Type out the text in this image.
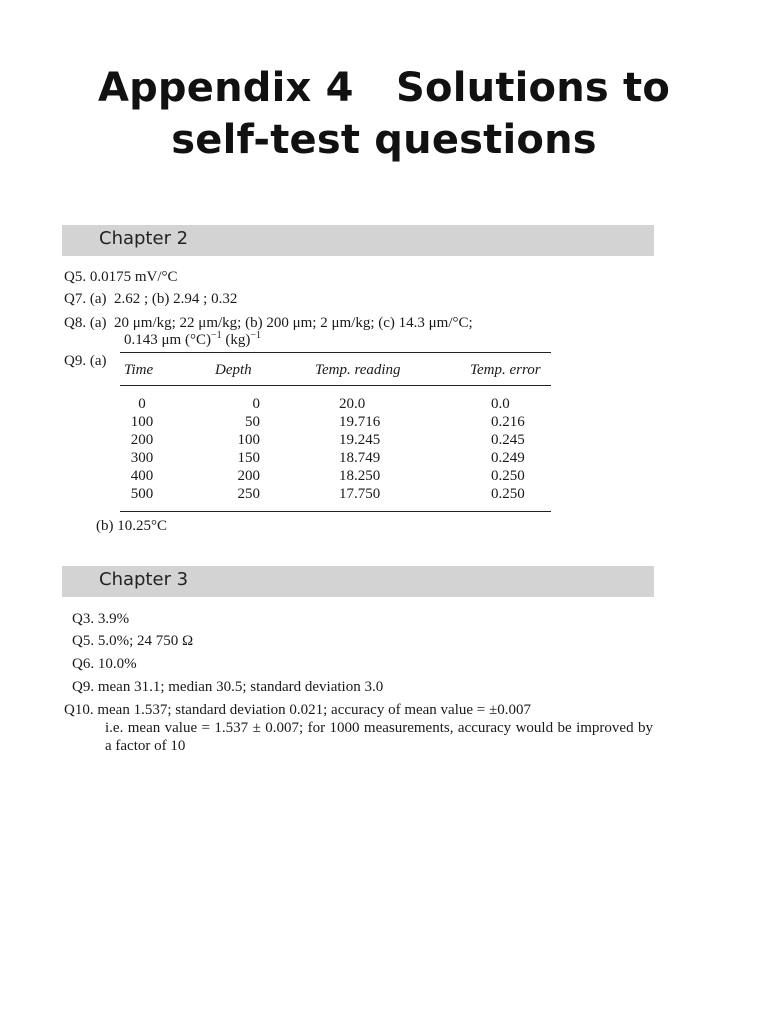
Appendix 4   Solutions to
self-test questions
Chapter 2
Q5. 0.0175 mV/°C
Q7. (a)  2.62 ; (b) 2.94 ; 0.32
Q8. (a)  20 μm/kg; 22 μm/kg; (b) 200 μm; 2 μm/kg; (c) 14.3 μm/°C;
0.143 μm $(^\circ C)^{-1}$ (kg)$^{-1}$
Q9. (a)
Time	Depth	Temp. reading	Temp. error
0	0	20.0	0.0
100	50	19.716	0.216
200	100	19.245	0.245
300	150	18.749	0.249
400	200	18.250	0.250
500	250	17.750	0.250
(b) 10.25°C
Chapter 3
Q3. 3.9%
Q5. 5.0%; 24 750 Ω
Q6. 10.0%
Q9. mean 31.1; median 30.5; standard deviation 3.0
Q10. mean 1.537; standard deviation 0.021; accuracy of mean value = ±0.007
i.e. mean value = 1.537 ± 0.007; for 1000 measurements, accuracy would be improved by a factor of 10
